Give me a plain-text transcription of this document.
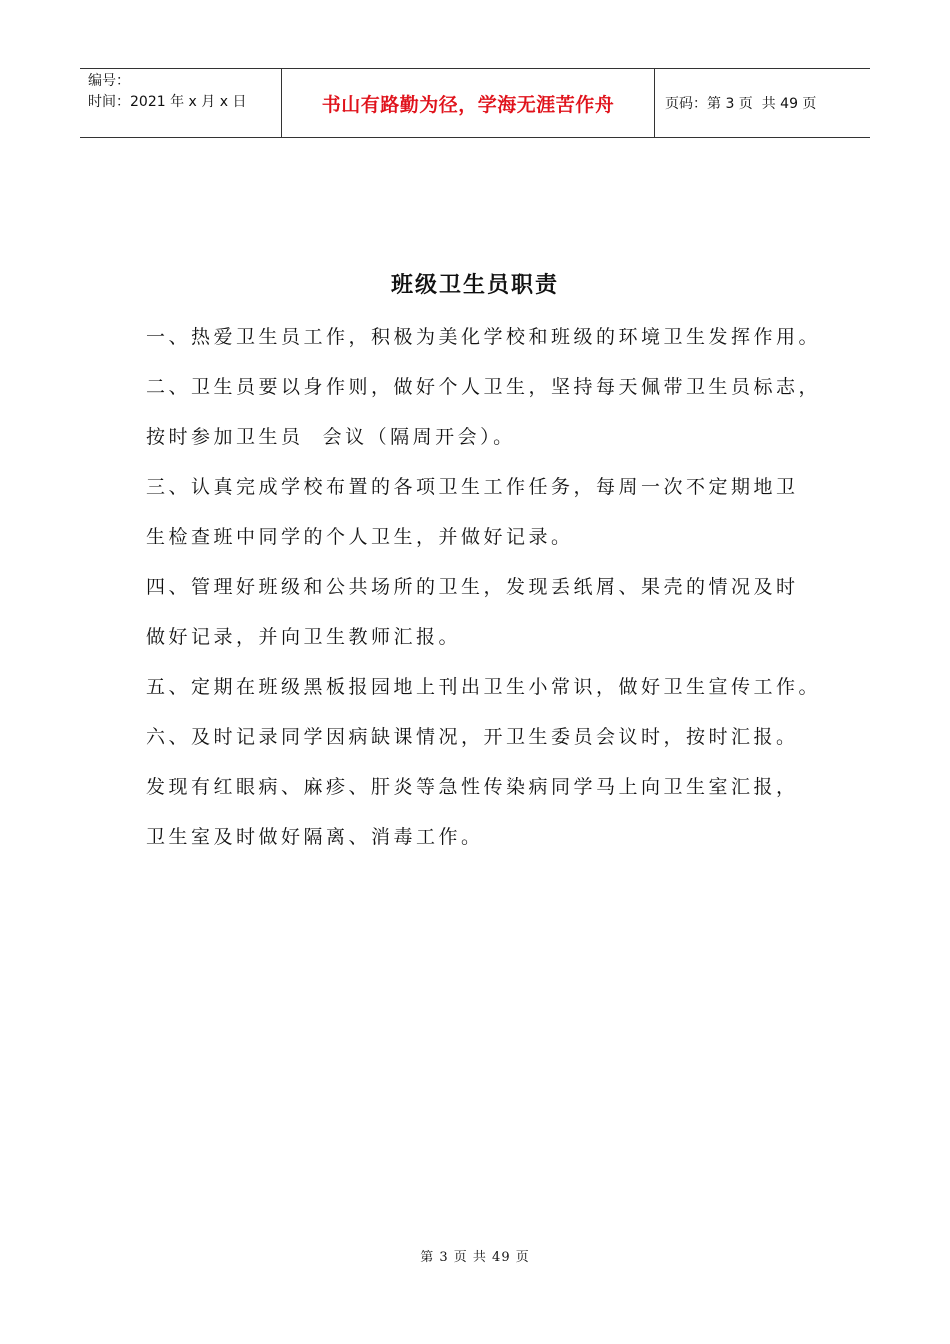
编号：
时间：2021 年 x 月 x 日	书山有路勤为径，学海无涯苦作舟	页码：第 3 页  共 49 页
班级卫生员职责
一、热爱卫生员工作，积极为美化学校和班级的环境卫生发挥作用。
二、卫生员要以身作则，做好个人卫生，坚持每天佩带卫生员标志，
按时参加卫生员  会议（隔周开会）。
三、认真完成学校布置的各项卫生工作任务，每周一次不定期地卫
生检查班中同学的个人卫生，并做好记录。
四、管理好班级和公共场所的卫生，发现丢纸屑、果壳的情况及时
做好记录，并向卫生教师汇报。
五、定期在班级黑板报园地上刊出卫生小常识，做好卫生宣传工作。
六、及时记录同学因病缺课情况，开卫生委员会议时，按时汇报。
发现有红眼病、麻疹、肝炎等急性传染病同学马上向卫生室汇报，
卫生室及时做好隔离、消毒工作。
第 3 页 共 49 页
